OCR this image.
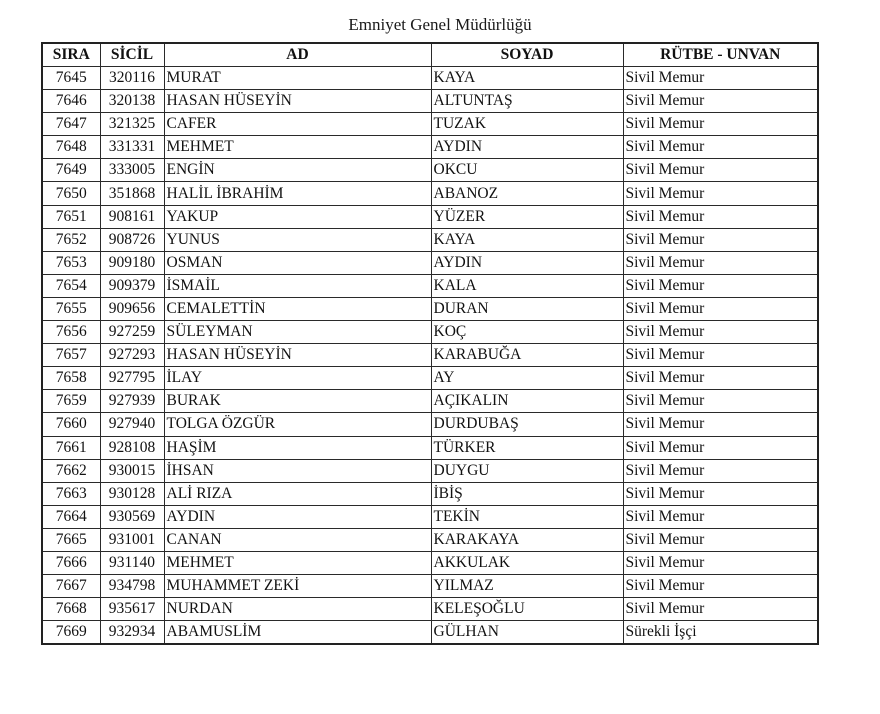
Emniyet Genel Müdürlüğü
SIRA	SİCİL	AD	SOYAD	RÜTBE - UNVAN
7645	320116	MURAT	KAYA	Sivil Memur
7646	320138	HASAN HÜSEYİN	ALTUNTAŞ	Sivil Memur
7647	321325	CAFER	TUZAK	Sivil Memur
7648	331331	MEHMET	AYDIN	Sivil Memur
7649	333005	ENGİN	OKCU	Sivil Memur
7650	351868	HALİL İBRAHİM	ABANOZ	Sivil Memur
7651	908161	YAKUP	YÜZER	Sivil Memur
7652	908726	YUNUS	KAYA	Sivil Memur
7653	909180	OSMAN	AYDIN	Sivil Memur
7654	909379	İSMAİL	KALA	Sivil Memur
7655	909656	CEMALETTİN	DURAN	Sivil Memur
7656	927259	SÜLEYMAN	KOÇ	Sivil Memur
7657	927293	HASAN HÜSEYİN	KARABUĞA	Sivil Memur
7658	927795	İLAY	AY	Sivil Memur
7659	927939	BURAK	AÇIKALIN	Sivil Memur
7660	927940	TOLGA ÖZGÜR	DURDUBAŞ	Sivil Memur
7661	928108	HAŞİM	TÜRKER	Sivil Memur
7662	930015	İHSAN	DUYGU	Sivil Memur
7663	930128	ALİ RIZA	İBİŞ	Sivil Memur
7664	930569	AYDIN	TEKİN	Sivil Memur
7665	931001	CANAN	KARAKAYA	Sivil Memur
7666	931140	MEHMET	AKKULAK	Sivil Memur
7667	934798	MUHAMMET ZEKİ	YILMAZ	Sivil Memur
7668	935617	NURDAN	KELEŞOĞLU	Sivil Memur
7669	932934	ABAMUSLİM	GÜLHAN	Sürekli İşçi
